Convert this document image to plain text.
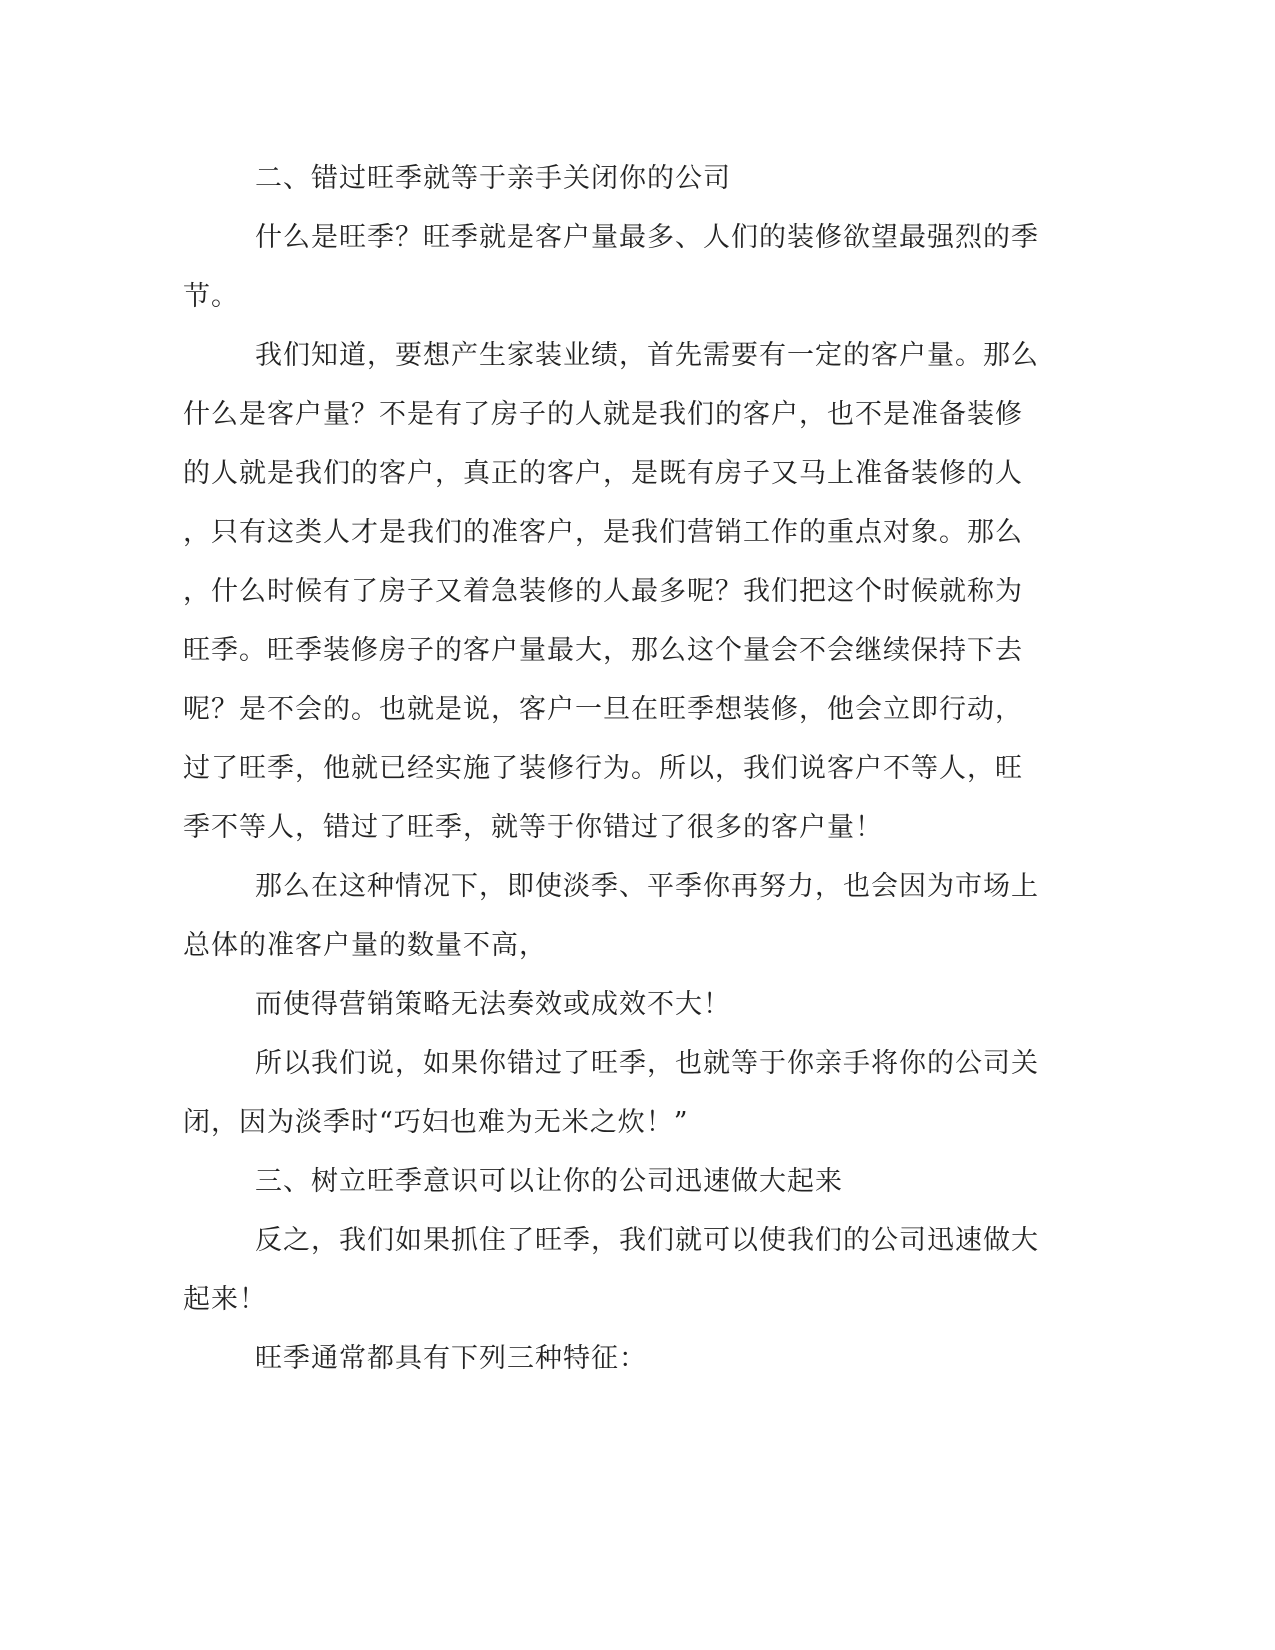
二、错过旺季就等于亲手关闭你的公司
什么是旺季？旺季就是客户量最多、人们的装修欲望最强烈的季
节。
我们知道，要想产生家装业绩，首先需要有一定的客户量。那么
什么是客户量？不是有了房子的人就是我们的客户，也不是准备装修
的人就是我们的客户，真正的客户，是既有房子又马上准备装修的人
，只有这类人才是我们的准客户，是我们营销工作的重点对象。那么
，什么时候有了房子又着急装修的人最多呢？我们把这个时候就称为
旺季。旺季装修房子的客户量最大，那么这个量会不会继续保持下去
呢？是不会的。也就是说，客户一旦在旺季想装修，他会立即行动，
过了旺季，他就已经实施了装修行为。所以，我们说客户不等人，旺
季不等人，错过了旺季，就等于你错过了很多的客户量！
那么在这种情况下，即使淡季、平季你再努力，也会因为市场上
总体的准客户量的数量不高，
而使得营销策略无法奏效或成效不大！
所以我们说，如果你错过了旺季，也就等于你亲手将你的公司关
闭，因为淡季时“巧妇也难为无米之炊！”
三、树立旺季意识可以让你的公司迅速做大起来
反之，我们如果抓住了旺季，我们就可以使我们的公司迅速做大
起来！
旺季通常都具有下列三种特征：
